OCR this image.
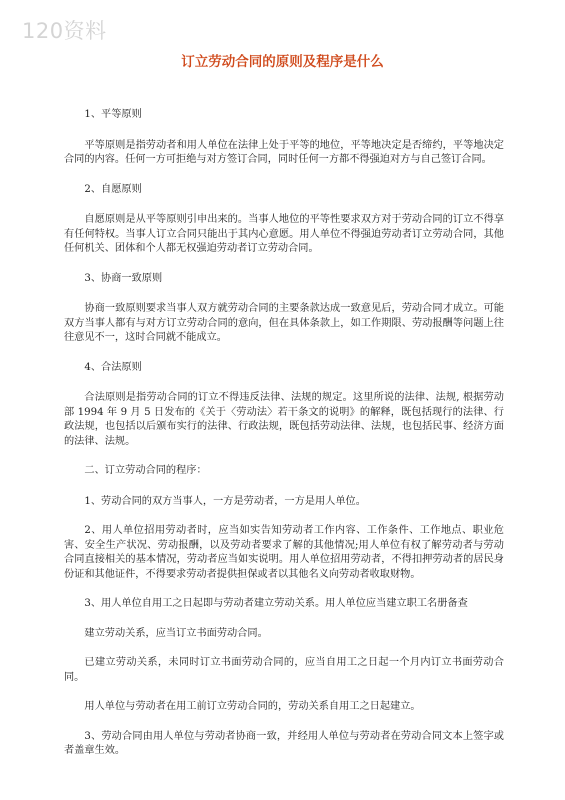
120资料
订立劳动合同的原则及程序是什么

1、平等原则

平等原则是指劳动者和用人单位在法律上处于平等的地位，平等地决定是否缔约，平等地决定合同的内容。任何一方可拒绝与对方签订合同，同时任何一方都不得强迫对方与自己签订合同。

2、自愿原则

自愿原则是从平等原则引申出来的。当事人地位的平等性要求双方对于劳动合同的订立不得享有任何特权。当事人订立合同只能出于其内心意愿。用人单位不得强迫劳动者订立劳动合同，其他任何机关、团体和个人都无权强迫劳动者订立劳动合同。

3、协商一致原则

协商一致原则要求当事人双方就劳动合同的主要条款达成一致意见后，劳动合同才成立。可能双方当事人都有与对方订立劳动合同的意向，但在具体条款上，如工作期限、劳动报酬等问题上往往意见不一，这时合同就不能成立。

4、合法原则

合法原则是指劳动合同的订立不得违反法律、法规的规定。这里所说的法律、法规, 根据劳动部 1994 年 9 月 5 日发布的《关于〈劳动法〉若干条文的说明》的解释，既包括现行的法律、行政法规，也包括以后颁布实行的法律、行政法规，既包括劳动法律、法规，也包括民事、经济方面的法律、法规。

二、订立劳动合同的程序：

1、劳动合同的双方当事人，一方是劳动者，一方是用人单位。

2、用人单位招用劳动者时，应当如实告知劳动者工作内容、工作条件、工作地点、职业危害、安全生产状况、劳动报酬，以及劳动者要求了解的其他情况;用人单位有权了解劳动者与劳动合同直接相关的基本情况，劳动者应当如实说明。用人单位招用劳动者，不得扣押劳动者的居民身份证和其他证件，不得要求劳动者提供担保或者以其他名义向劳动者收取财物。

3、用人单位自用工之日起即与劳动者建立劳动关系。用人单位应当建立职工名册备查

建立劳动关系，应当订立书面劳动合同。

已建立劳动关系，未同时订立书面劳动合同的，应当自用工之日起一个月内订立书面劳动合同。

用人单位与劳动者在用工前订立劳动合同的，劳动关系自用工之日起建立。

3、劳动合同由用人单位与劳动者协商一致，并经用人单位与劳动者在劳动合同文本上签字或者盖章生效。
